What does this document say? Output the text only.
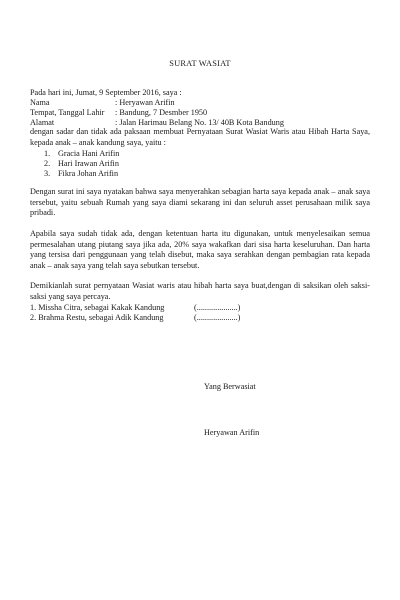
SURAT WASIAT
Pada hari ini, Jumat, 9 September 2016, saya :
Nama	: Heryawan Arifin
Tempat, Tanggal Lahir : Bandung, 7 Desmber 1950
Alamat	: Jalan Harimau Belang No. 13/ 40B Kota Bandung
dengan sadar dan tidak ada paksaan membuat Pernyataan Surat Wasiat Waris atau Hibah Harta Saya, kepada anak – anak kandung saya, yaitu :
1. Gracia Hani Arifin
2. Hari Irawan Arifin
3. Fikra Johan Arifin
Dengan surat ini saya nyatakan bahwa saya menyerahkan sebagian harta saya kepada anak – anak saya tersebut, yaitu sebuah Rumah yang saya diami sekarang ini dan seluruh asset perusahaan milik saya pribadi.
Apabila saya sudah tidak ada, dengan ketentuan harta itu digunakan, untuk menyelesaikan semua permesalahan utang piutang saya jika ada, 20% saya wakafkan dari sisa harta keseluruhan. Dan harta yang tersisa dari penggunaan yang telah disebut, maka saya serahkan dengan pembagian rata kepada anak – anak saya yang telah saya sebutkan tersebut.
Demikianlah surat pernyataan Wasiat waris atau hibah harta saya buat,dengan di saksikan oleh saksi-saksi yang saya percaya.
1. Missha Citra, sebagai Kakak Kandung	(....................)
2. Brahma Restu, sebagai Adik Kandung	(....................)
Yang Berwasiat
Heryawan Arifin
